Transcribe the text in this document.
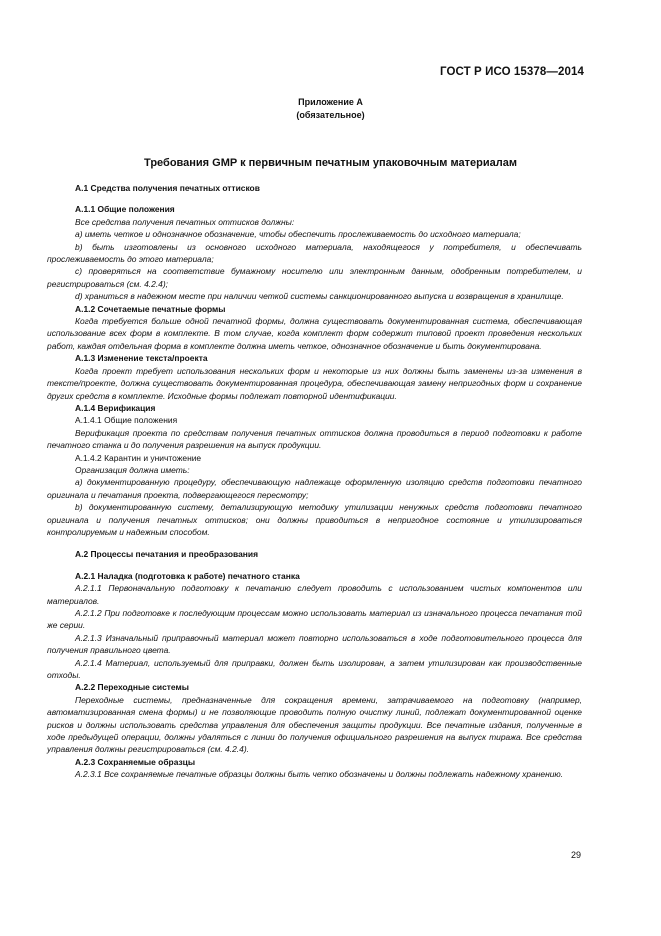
ГОСТ Р ИСО 15378—2014
Приложение А
(обязательное)
Требования GMP к первичным печатным упаковочным материалам

А.1 Средства получения печатных оттисков

А.1.1 Общие положения

Все средства получения печатных оттисков должны:

а) иметь четкое и однозначное обозначение, чтобы обеспечить прослеживаемость до исходного материала;

b) быть изготовлены из основного исходного материала, находящегося у потребителя, и обеспечивать прослеживаемость до этого материала;

с) проверяться на соответствие бумажному носителю или электронным данным, одобренным потребителем, и регистрироваться (см. 4.2.4);

d) храниться в надежном месте при наличии четкой системы санкционированного выпуска и возвращения в хранилище.

А.1.2 Сочетаемые печатные формы

Когда требуется больше одной печатной формы, должна существовать документированная система, обеспечивающая использование всех форм в комплекте. В том случае, когда комплект форм содержит типовой проект проведения нескольких работ, каждая отдельная форма в комплекте должна иметь четкое, однозначное обозначение и быть документирована.

А.1.3 Изменение текста/проекта

Когда проект требует использования нескольких форм и некоторые из них должны быть заменены из-за изменения в тексте/проекте, должна существовать документированная процедура, обеспечивающая замену непригодных форм и сохранение других средств в комплекте. Исходные формы подлежат повторной идентификации.

А.1.4 Верификация

А.1.4.1 Общие положения

Верификация проекта по средствам получения печатных оттисков должна проводиться в период подготовки к работе печатного станка и до получения разрешения на выпуск продукции.

А.1.4.2 Карантин и уничтожение

Организация должна иметь:

а) документированную процедуру, обеспечивающую надлежаще оформленную изоляцию средств подготовки печатного оригинала и печатания проекта, подвергающегося пересмотру;

b) документированную систему, детализирующую методику утилизации ненужных средств подготовки печатного оригинала и получения печатных оттисков; они должны приводиться в непригодное состояние и утилизироваться контролируемым и надежным способом.

А.2 Процессы печатания и преобразования

А.2.1 Наладка (подготовка к работе) печатного станка

А.2.1.1 Первоначальную подготовку к печатанию следует проводить с использованием чистых компонентов или материалов.

А.2.1.2 При подготовке к последующим процессам можно использовать материал из изначального процесса печатания той же серии.

А.2.1.3 Изначальный приправочный материал может повторно использоваться в ходе подготовительного процесса для получения правильного цвета.

А.2.1.4 Материал, используемый для приправки, должен быть изолирован, а затем утилизирован как производственные отходы.

А.2.2 Переходные системы

Переходные системы, предназначенные для сокращения времени, затрачиваемого на подготовку (например, автоматизированная смена формы) и не позволяющие проводить полную очистку линий, подлежат документированной оценке рисков и должны использовать средства управления для обеспечения защиты продукции. Все печатные издания, полученные в ходе предыдущей операции, должны удаляться с линии до получения официального разрешения на выпуск тиража. Все средства управления должны регистрироваться (см. 4.2.4).

А.2.3 Сохраняемые образцы

А.2.3.1 Все сохраняемые печатные образцы должны быть четко обозначены и должны подлежать надежному хранению.

29
